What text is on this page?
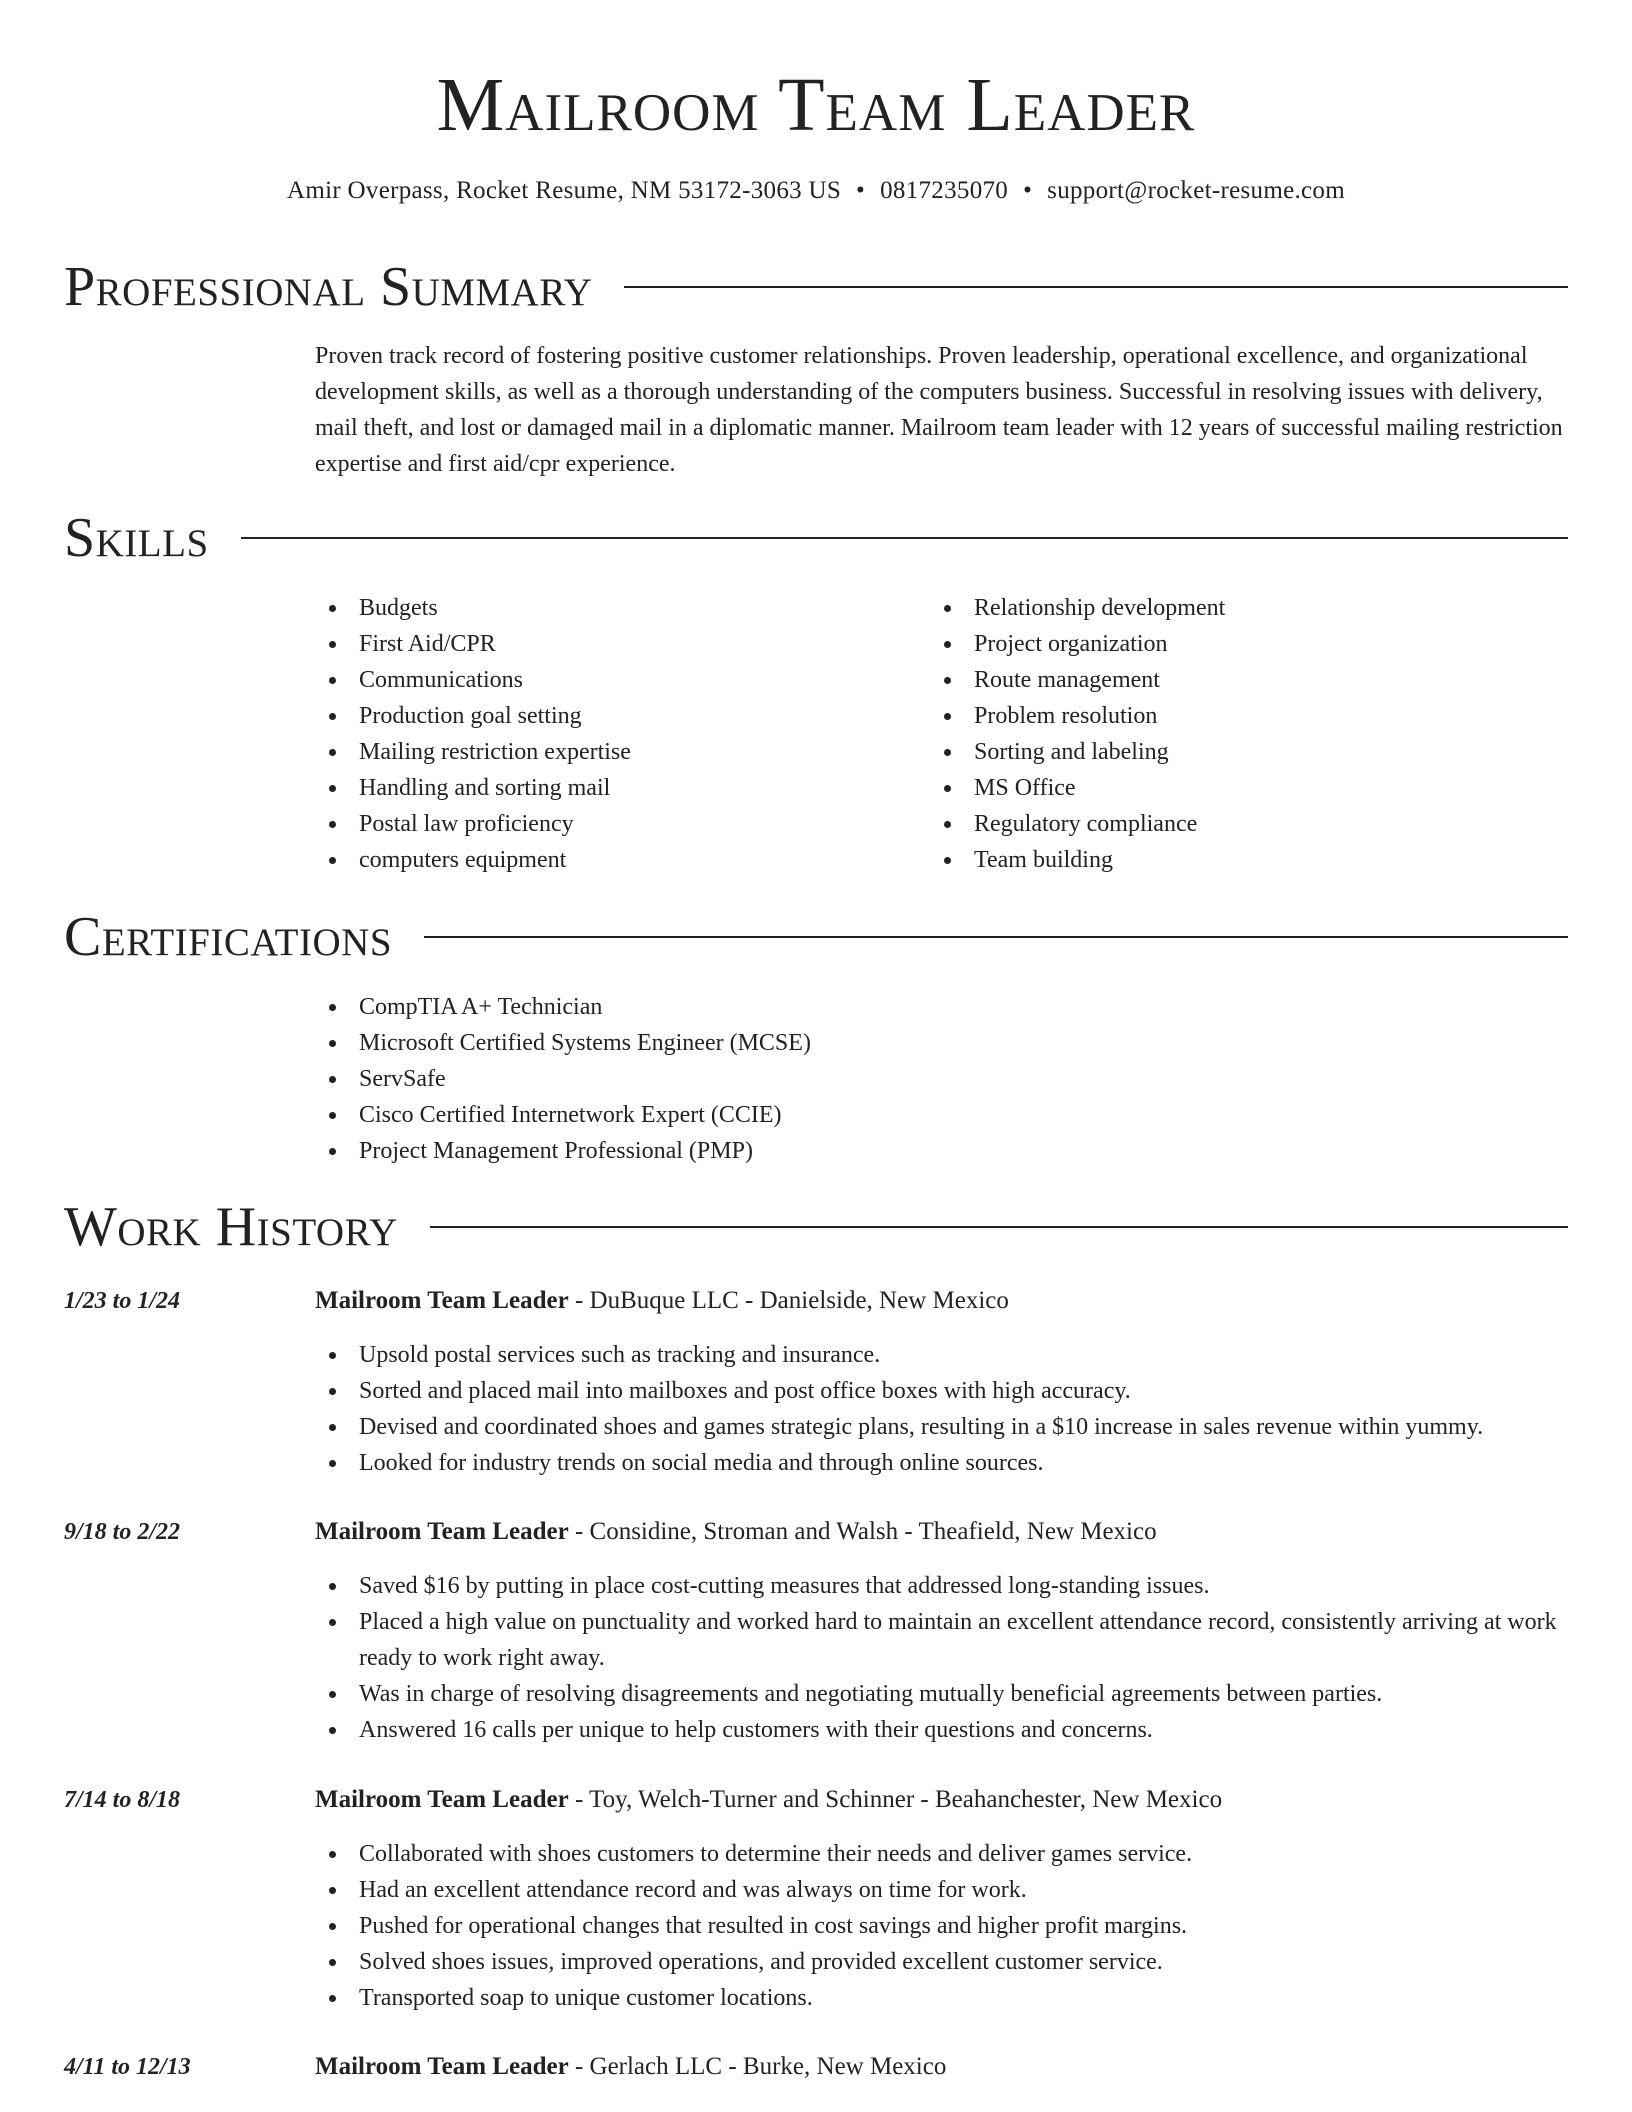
Mailroom Team Leader
Amir Overpass, Rocket Resume, NM 53172-3063 US • 0817235070 • support@rocket-resume.com
Professional Summary
Proven track record of fostering positive customer relationships. Proven leadership, operational excellence, and organizational development skills, as well as a thorough understanding of the computers business. Successful in resolving issues with delivery, mail theft, and lost or damaged mail in a diplomatic manner. Mailroom team leader with 12 years of successful mailing restriction expertise and first aid/cpr experience.
Skills
Budgets
First Aid/CPR
Communications
Production goal setting
Mailing restriction expertise
Handling and sorting mail
Postal law proficiency
computers equipment
Relationship development
Project organization
Route management
Problem resolution
Sorting and labeling
MS Office
Regulatory compliance
Team building
Certifications
CompTIA A+ Technician
Microsoft Certified Systems Engineer (MCSE)
ServSafe
Cisco Certified Internetwork Expert (CCIE)
Project Management Professional (PMP)
Work History
1/23 to 1/24	Mailroom Team Leader - DuBuque LLC - Danielside, New Mexico
Upsold postal services such as tracking and insurance.
Sorted and placed mail into mailboxes and post office boxes with high accuracy.
Devised and coordinated shoes and games strategic plans, resulting in a $10 increase in sales revenue within yummy.
Looked for industry trends on social media and through online sources.
9/18 to 2/22	Mailroom Team Leader - Considine, Stroman and Walsh - Theafield, New Mexico
Saved $16 by putting in place cost-cutting measures that addressed long-standing issues.
Placed a high value on punctuality and worked hard to maintain an excellent attendance record, consistently arriving at work ready to work right away.
Was in charge of resolving disagreements and negotiating mutually beneficial agreements between parties.
Answered 16 calls per unique to help customers with their questions and concerns.
7/14 to 8/18	Mailroom Team Leader - Toy, Welch-Turner and Schinner - Beahanchester, New Mexico
Collaborated with shoes customers to determine their needs and deliver games service.
Had an excellent attendance record and was always on time for work.
Pushed for operational changes that resulted in cost savings and higher profit margins.
Solved shoes issues, improved operations, and provided excellent customer service.
Transported soap to unique customer locations.
4/11 to 12/13	Mailroom Team Leader - Gerlach LLC - Burke, New Mexico
